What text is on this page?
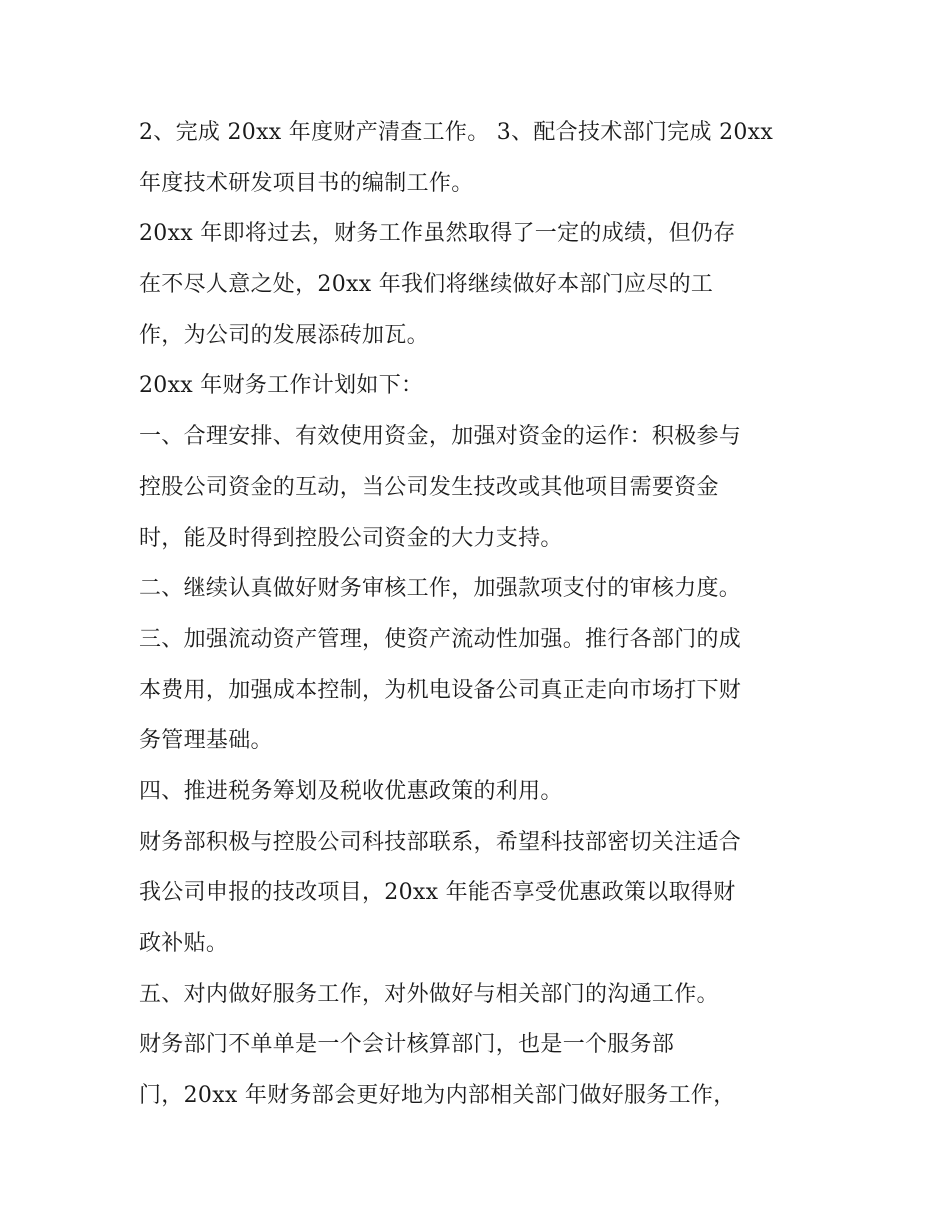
2、完成 20xx 年度财产清查工作。 3、配合技术部门完成 20xx
年度技术研发项目书的编制工作。
20xx 年即将过去，财务工作虽然取得了一定的成绩，但仍存
在不尽人意之处，20xx 年我们将继续做好本部门应尽的工
作，为公司的发展添砖加瓦。
20xx 年财务工作计划如下：
一、合理安排、有效使用资金，加强对资金的运作：积极参与
控股公司资金的互动，当公司发生技改或其他项目需要资金
时，能及时得到控股公司资金的大力支持。
二、继续认真做好财务审核工作，加强款项支付的审核力度。
三、加强流动资产管理，使资产流动性加强。推行各部门的成
本费用，加强成本控制，为机电设备公司真正走向市场打下财
务管理基础。
四、推进税务筹划及税收优惠政策的利用。
财务部积极与控股公司科技部联系，希望科技部密切关注适合
我公司申报的技改项目，20xx 年能否享受优惠政策以取得财
政补贴。
五、对内做好服务工作，对外做好与相关部门的沟通工作。
财务部门不单单是一个会计核算部门，也是一个服务部
门，20xx 年财务部会更好地为内部相关部门做好服务工作，
